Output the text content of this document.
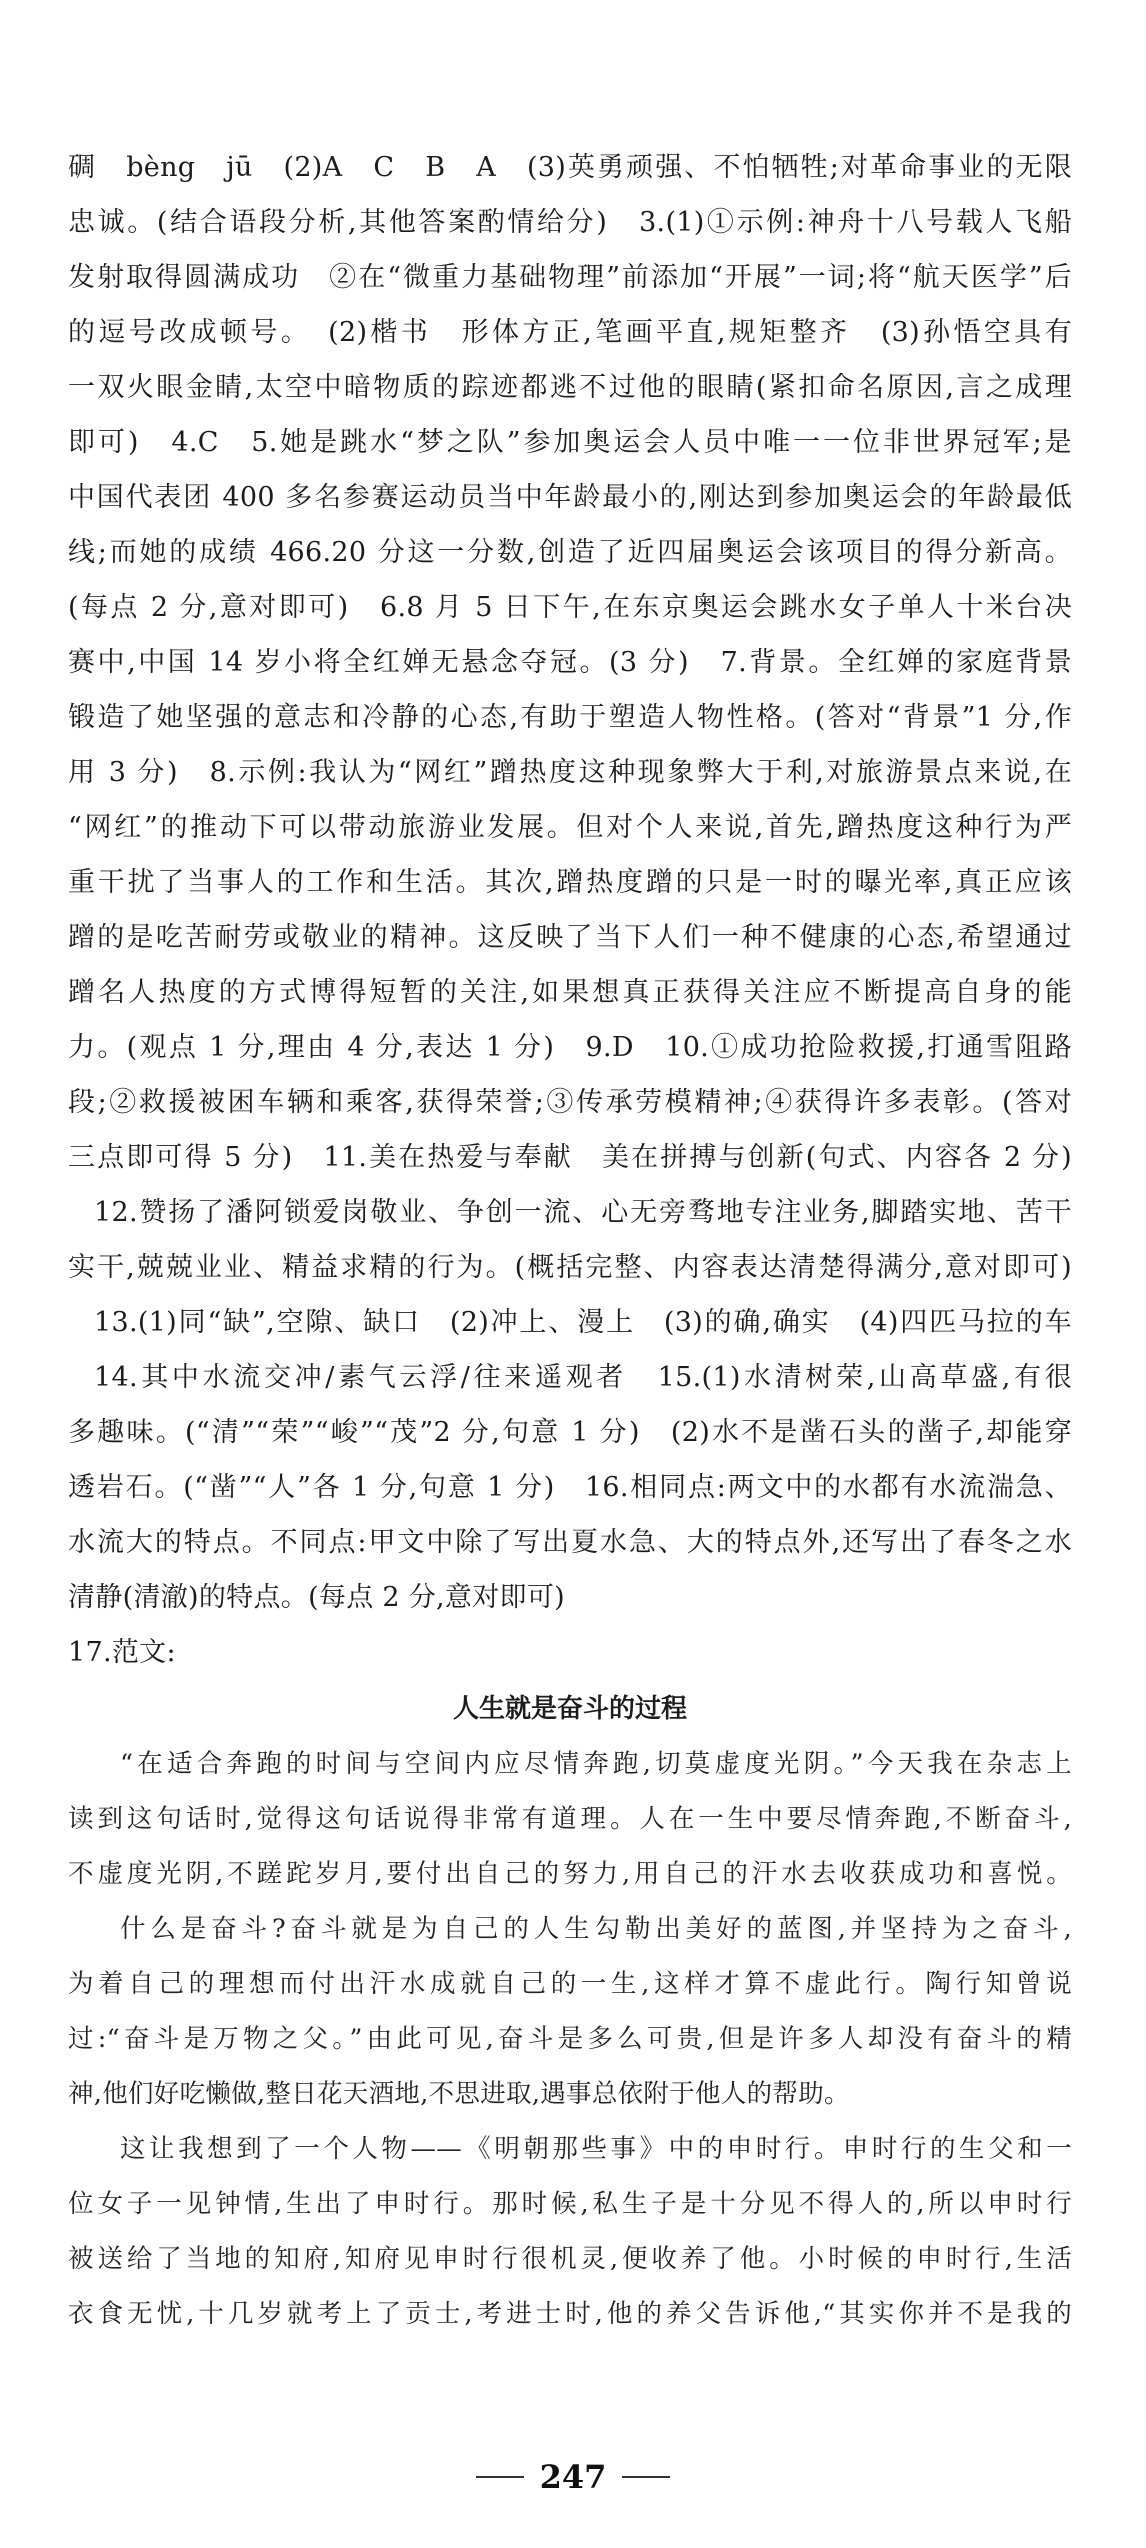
碉　bèng　jū　(2)A　C　B　A　(3)英勇顽强、不怕牺牲;对革命事业的无限
忠诚。(结合语段分析,其他答案酌情给分)　3.(1)①示例:神舟十八号载人飞船
发射取得圆满成功　②在“微重力基础物理”前添加“开展”一词;将“航天医学”后
的逗号改成顿号。　(2)楷书　形体方正,笔画平直,规矩整齐　(3)孙悟空具有
一双火眼金睛,太空中暗物质的踪迹都逃不过他的眼睛(紧扣命名原因,言之成理
即可)　4.C　5.她是跳水“梦之队”参加奥运会人员中唯一一位非世界冠军;是
中国代表团 400 多名参赛运动员当中年龄最小的,刚达到参加奥运会的年龄最低
线;而她的成绩 466.20 分这一分数,创造了近四届奥运会该项目的得分新高。
(每点 2 分,意对即可)　6.8 月 5 日下午,在东京奥运会跳水女子单人十米台决
赛中,中国 14 岁小将全红婵无悬念夺冠。(3 分)　7.背景。全红婵的家庭背景
锻造了她坚强的意志和冷静的心态,有助于塑造人物性格。(答对“背景”1 分,作
用 3 分)　8.示例:我认为“网红”蹭热度这种现象弊大于利,对旅游景点来说,在
“网红”的推动下可以带动旅游业发展。但对个人来说,首先,蹭热度这种行为严
重干扰了当事人的工作和生活。其次,蹭热度蹭的只是一时的曝光率,真正应该
蹭的是吃苦耐劳或敬业的精神。这反映了当下人们一种不健康的心态,希望通过
蹭名人热度的方式博得短暂的关注,如果想真正获得关注应不断提高自身的能
力。(观点 1 分,理由 4 分,表达 1 分)　9.D　10.①成功抢险救援,打通雪阻路
段;②救援被困车辆和乘客,获得荣誉;③传承劳模精神;④获得许多表彰。(答对
三点即可得 5 分)　11.美在热爱与奉献　美在拼搏与创新(句式、内容各 2 分)
12.赞扬了潘阿锁爱岗敬业、争创一流、心无旁骛地专注业务,脚踏实地、苦干
实干,兢兢业业、精益求精的行为。(概括完整、内容表达清楚得满分,意对即可)
13.(1)同“缺”,空隙、缺口　(2)冲上、漫上　(3)的确,确实　(4)四匹马拉的车
14.其中水流交冲/素气云浮/往来遥观者　15.(1)水清树荣,山高草盛,有很
多趣味。(“清”“荣”“峻”“茂”2 分,句意 1 分)　(2)水不是凿石头的凿子,却能穿
透岩石。(“凿”“人”各 1 分,句意 1 分)　16.相同点:两文中的水都有水流湍急、
水流大的特点。不同点:甲文中除了写出夏水急、大的特点外,还写出了春冬之水
清静(清澈)的特点。(每点 2 分,意对即可)
17.范文:
人生就是奋斗的过程
“在适合奔跑的时间与空间内应尽情奔跑,切莫虚度光阴。”今天我在杂志上
读到这句话时,觉得这句话说得非常有道理。人在一生中要尽情奔跑,不断奋斗,
不虚度光阴,不蹉跎岁月,要付出自己的努力,用自己的汗水去收获成功和喜悦。
什么是奋斗?奋斗就是为自己的人生勾勒出美好的蓝图,并坚持为之奋斗,
为着自己的理想而付出汗水成就自己的一生,这样才算不虚此行。陶行知曾说
过:“奋斗是万物之父。”由此可见,奋斗是多么可贵,但是许多人却没有奋斗的精
神,他们好吃懒做,整日花天酒地,不思进取,遇事总依附于他人的帮助。
这让我想到了一个人物——《明朝那些事》中的申时行。申时行的生父和一
位女子一见钟情,生出了申时行。那时候,私生子是十分见不得人的,所以申时行
被送给了当地的知府,知府见申时行很机灵,便收养了他。小时候的申时行,生活
衣食无忧,十几岁就考上了贡士,考进士时,他的养父告诉他,“其实你并不是我的
247
